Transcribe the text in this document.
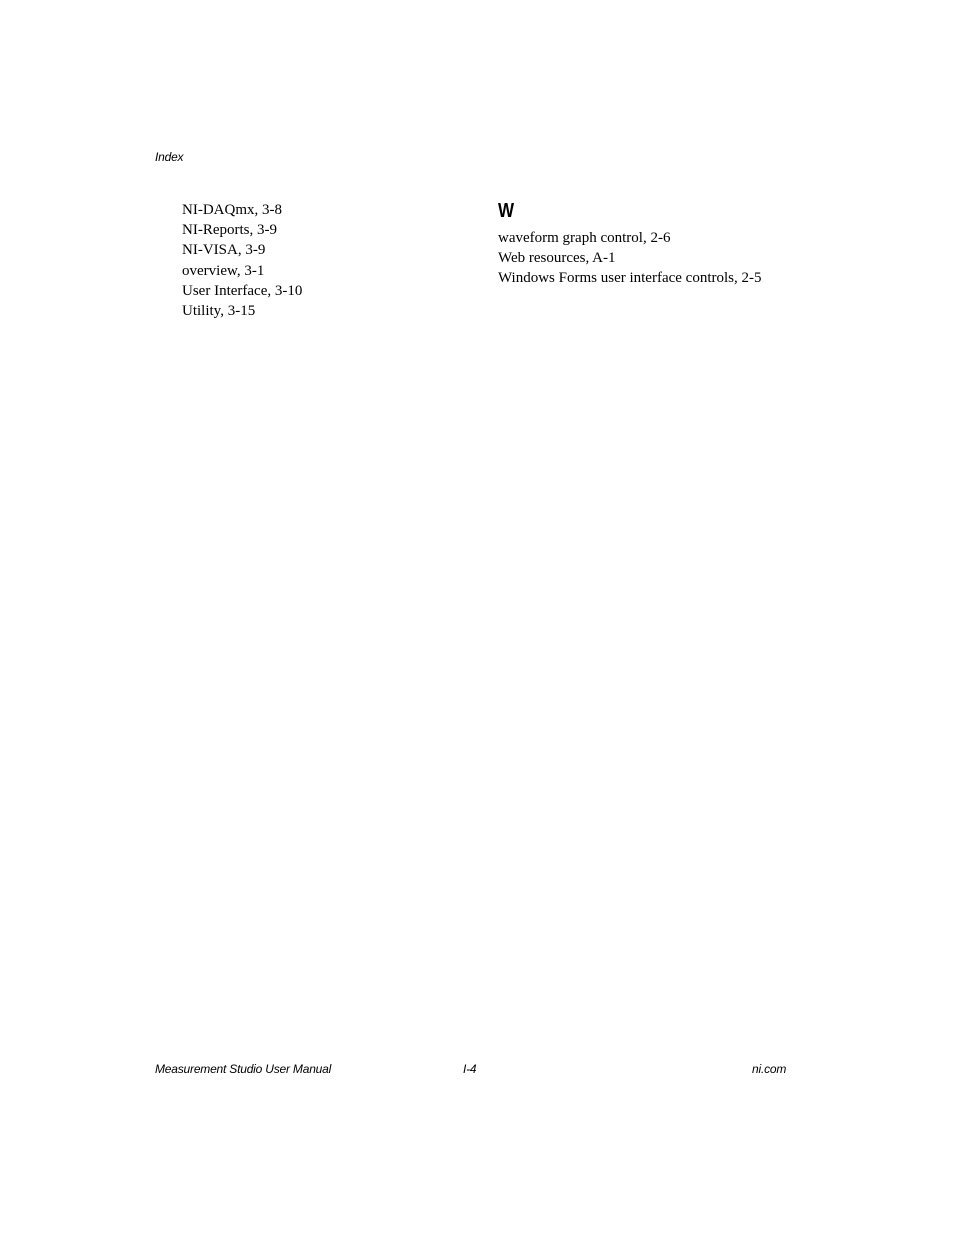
Index
NI-DAQmx, 3-8
NI-Reports, 3-9
NI-VISA, 3-9
overview, 3-1
User Interface, 3-10
Utility, 3-15
W
waveform graph control, 2-6
Web resources, A-1
Windows Forms user interface controls, 2-5
Measurement Studio User Manual	I-4	ni.com
